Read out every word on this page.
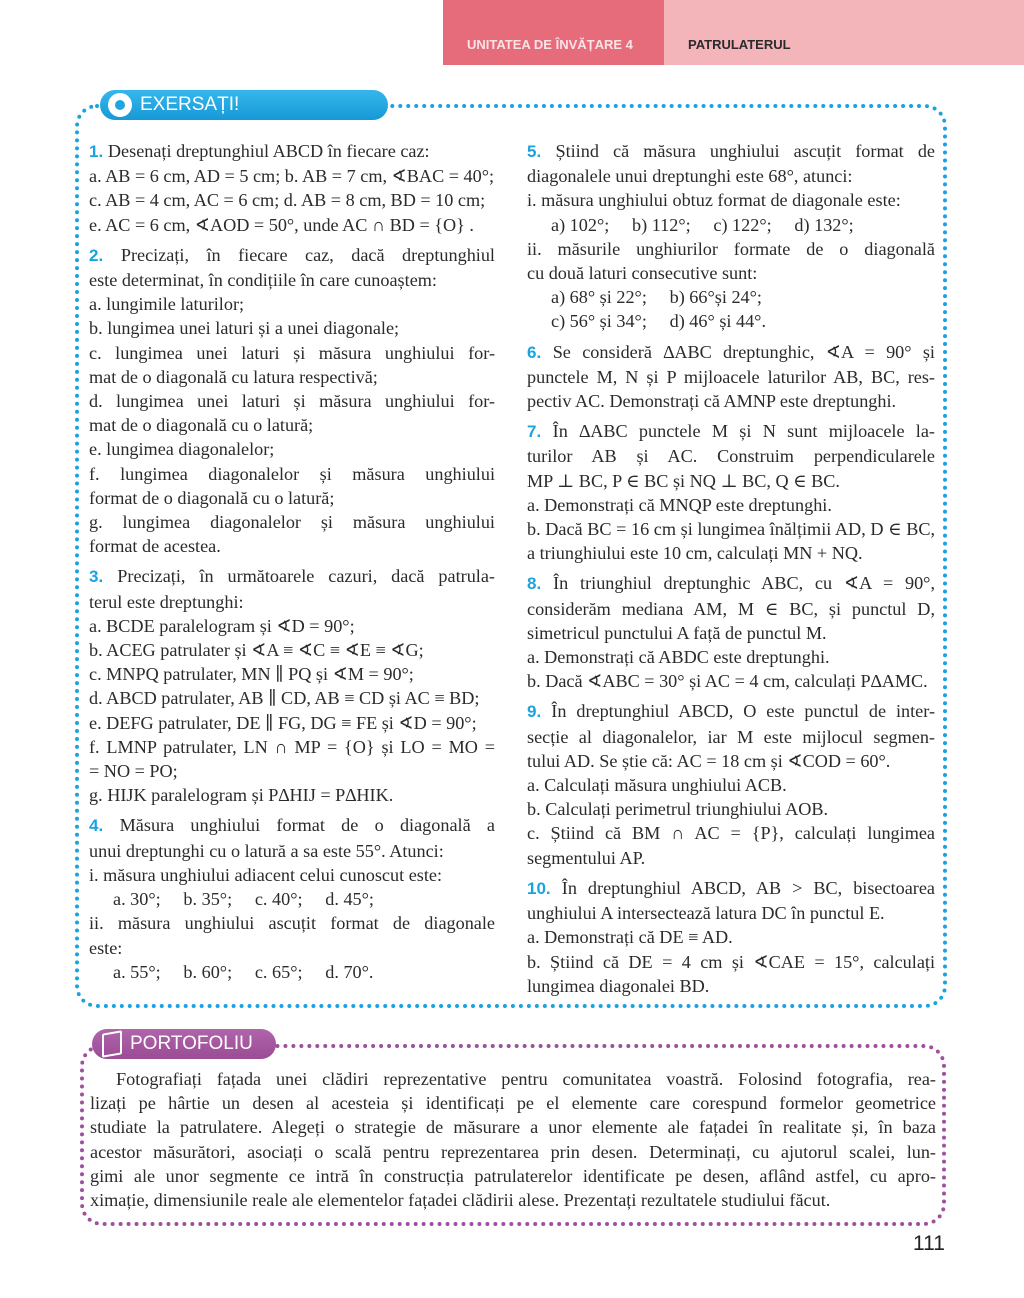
UNITATEA DE ÎNVĂȚARE 4	PATRULATERUL
EXERSAȚI!
1. Desenați dreptunghiul ABCD în fiecare caz:
a. AB = 6 cm, AD = 5 cm; b. AB = 7 cm, ∢BAC = 40°;
c. AB = 4 cm, AC = 6 cm; d. AB = 8 cm, BD = 10 cm;
e. AC = 6 cm, ∢AOD = 50°, unde AC ∩ BD = {O} .
2. Precizați, în fiecare caz, dacă dreptunghiul
este determinat, în condițiile în care cunoaștem:
a. lungimile laturilor;
b. lungimea unei laturi și a unei diagonale;
c. lungimea unei laturi și măsura unghiului for-
mat de o diagonală cu latura respectivă;
d. lungimea unei laturi și măsura unghiului for-
mat de o diagonală cu o latură;
e. lungimea diagonalelor;
f. lungimea diagonalelor și măsura unghiului
format de o diagonală cu o latură;
g. lungimea diagonalelor și măsura unghiului
format de acestea.
3. Precizați, în următoarele cazuri, dacă patrula-
terul este dreptunghi:
a. BCDE paralelogram și ∢D = 90°;
b. ACEG patrulater și ∢A ≡ ∢C ≡ ∢E ≡ ∢G;
c. MNPQ patrulater, MN ∥ PQ și ∢M = 90°;
d. ABCD patrulater, AB ∥ CD, AB ≡ CD și AC ≡ BD;
e. DEFG patrulater, DE ∥ FG, DG ≡ FE și ∢D = 90°;
f. LMNP patrulater, LN ∩ MP = {O} și LO = MO =
= NO = PO;
g. HIJK paralelogram și P∆HIJ = P∆HIK.
4. Măsura unghiului format de o diagonală a
unui dreptunghi cu o latură a sa este 55°. Atunci:
i. măsura unghiului adiacent celui cunoscut este:
a. 30°;  b. 35°;  c. 40°;  d. 45°;
ii. măsura unghiului ascuțit format de diagonale
este:
a. 55°;  b. 60°;  c. 65°;  d. 70°.
5. Știind că măsura unghiului ascuțit format de
diagonalele unui dreptunghi este 68°, atunci:
i. măsura unghiului obtuz format de diagonale este:
a) 102°;  b) 112°;  c) 122°;  d) 132°;
ii. măsurile unghiurilor formate de o diagonală
cu două laturi consecutive sunt:
a) 68° și 22°;  b) 66°și 24°;
c) 56° și 34°;  d) 46° și 44°.
6. Se consideră ∆ABC dreptunghic, ∢A = 90° și
punctele M, N și P mijloacele laturilor AB, BC, res-
pectiv AC. Demonstrați că AMNP este dreptunghi.
7. În ∆ABC punctele M și N sunt mijloacele la-
turilor AB și AC. Construim perpendicularele
MP ⊥ BC, P ∈ BC și NQ ⊥ BC, Q ∈ BC.
a. Demonstrați că MNQP este dreptunghi.
b. Dacă BC = 16 cm și lungimea înălțimii AD, D ∈ BC,
a triunghiului este 10 cm, calculați MN + NQ.
8. În triunghiul dreptunghic ABC, cu ∢A = 90°,
considerăm mediana AM, M ∈ BC, și punctul D,
simetricul punctului A față de punctul M.
a. Demonstrați că ABDC este dreptunghi.
b. Dacă ∢ABC = 30° și AC = 4 cm, calculați P∆AMC.
9. În dreptunghiul ABCD, O este punctul de inter-
secție al diagonalelor, iar M este mijlocul segmen-
tului AD. Se știe că: AC = 18 cm și ∢COD = 60°.
a. Calculați măsura unghiului ACB.
b. Calculați perimetrul triunghiului AOB.
c. Știind că BM ∩ AC = {P}, calculați lungimea
segmentului AP.
10. În dreptunghiul ABCD, AB > BC, bisectoarea
unghiului A intersectează latura DC în punctul E.
a. Demonstrați că DE ≡ AD.
b. Știind că DE = 4 cm și ∢CAE = 15°, calculați
lungimea diagonalei BD.
PORTOFOLIU
Fotografiați fațada unei clădiri reprezentative pentru comunitatea voastră. Folosind fotografia, rea-
lizați pe hârtie un desen al acesteia și identificați pe el elemente care corespund formelor geometrice
studiate la patrulatere. Alegeți o strategie de măsurare a unor elemente ale fațadei în realitate și, în baza
acestor măsurători, asociați o scală pentru reprezentarea prin desen. Determinați, cu ajutorul scalei, lun-
gimi ale unor segmente ce intră în construcția patrulaterelor identificate pe desen, aflând astfel, cu apro-
ximație, dimensiunile reale ale elementelor fațadei clădirii alese. Prezentați rezultatele studiului făcut.
111
